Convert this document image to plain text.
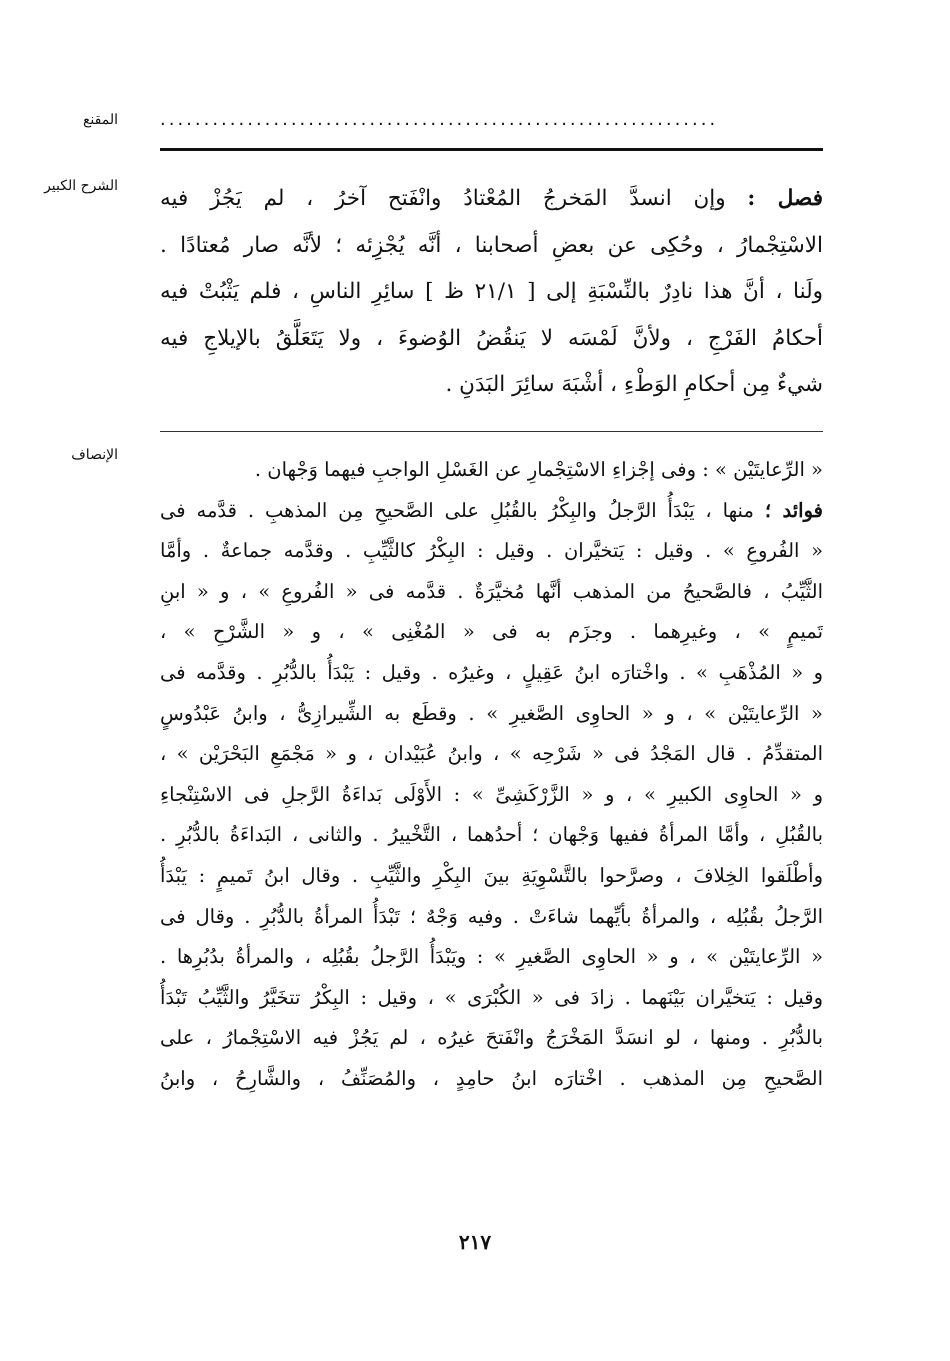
المقنع ................................................................
الشرح الكبير	فصل : وإن انسدَّ المَخرجُ المُعْتادُ وانْفَتح آخرُ ، لم يَجُزْ فيه
الاسْتِجْمارُ ، وحُكِى عن بعضِ أصحابنا ، أنَّه يُجْزِئه ؛ لأنَّه صار مُعتادًا .
ولَنا ، أنَّ هذا نادِرٌ بالنِّسْبَةِ إلى [ ٢١/١ ظ ] سائِرِ الناسِ ، فلم يَثْبُتْ فيه
أحكامُ الفَرْجِ ، ولأنَّ لَمْسَه لا يَنقُضُ الوُضوءَ ، ولا يَتَعَلَّقُ بالإيلاجِ فيه
شيءٌ مِن أحكامِ الوَطْءِ ، أشْبَهَ سائِرَ البَدَنِ .
الإنصاف
« الرِّعايتَيْن » : وفى إجْزاءِ الاسْتِجْمارِ عن الغَسْلِ الواجبِ فيهما وَجْهان .
فوائد ؛ منها ، يَبْدَأُ الرَّجلُ والبِكْرُ بالقُبُلِ على الصَّحيحِ مِن المذهبِ . قدَّمه فى
« الفُروعِ » . وقيل : يَتخيَّران . وقيل : البِكْرُ كالثَّيِّبِ . وقدَّمه جماعةٌ . وأمَّا
الثَّيِّبُ ، فالصَّحيحُ من المذهب أنَّها مُخيَّرَةٌ . قدَّمه فى « الفُروعِ » ، و « ابنِ
تَميمٍ » ، وغيرِهما . وجزَم به فى « المُغْنِى » ، و « الشَّرْحِ » ،
و « المُذْهَبِ » . واخْتارَه ابنُ عَقِيلٍ ، وغيرُه . وقيل : يَبْدَأُ بالدُّبُرِ . وقدَّمه فى
« الرِّعايتَيْن » ، و « الحاوِى الصَّغيرِ » . وقطَع به الشِّيرازِىُّ ، وابنُ عَبْدُوسٍ
المتقدِّمُ . قال المَجْدُ فى « شَرْحِه » ، وابنُ عُبَيْدان ، و « مَجْمَعِ البَحْرَيْن » ،
و « الحاوِى الكبيرِ » ، و « الزَّرْكَشِىِّ » : الأَوْلَى بَداءَةُ الرَّجلِ فى الاسْتِنْجاءِ
بالقُبُلِ ، وأمَّا المرأةُ ففيها وَجْهان ؛ أحدُهما ، التَّخْييرُ . والثانى ، البَداءَةُ بالدُّبُرِ .
وأطْلَقوا الخِلافَ ، وصرَّحوا بالتَّسْوِيَةِ بينَ البِكْرِ والثَّيِّبِ . وقال ابنُ تَميمٍ : يَبْدَأُ
الرَّجلُ بقُبُلِه ، والمرأةُ بأيِّهما شاءَتْ . وفيه وَجْهٌ ؛ تَبْدَأُ المرأةُ بالدُّبُرِ . وقال فى
« الرِّعايتَيْن » ، و « الحاوِى الصَّغيرِ » : ويَبْدَأُ الرَّجلُ بقُبُلِه ، والمرأةُ بدُبُرِها .
وقيل : يَتخيَّران بَيْنَهما . زادَ فى « الكُبْرَى » ، وقيل : البِكْرُ تتخَيَّرُ والثَّيِّبُ تَبْدَأُ
بالدُّبُرِ . ومنها ، لو انسَدَّ المَخْرَجُ وانْفَتحَ غيرُه ، لم يَجُزْ فيه الاسْتِجْمارُ ، على
الصَّحيحِ مِن المذهب . اخْتارَه ابنُ حامِدٍ ، والمُصَنِّفُ ، والشَّارِحُ ، وابنُ
٢١٧
